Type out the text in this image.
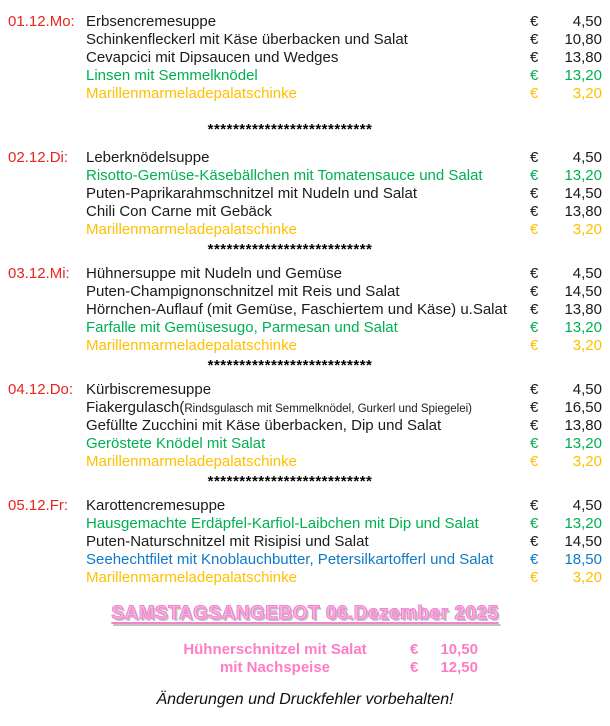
01.12.Mo: Erbsencremesuppe	€	4,50
Schinkenfleckerl mit Käse überbacken und Salat	€	10,80
Cevapcici mit Dipsaucen und Wedges	€	13,80
Linsen mit Semmelknödel	€	13,20
Marillenmarmeladepalatschinke	€	3,20
**************************
02.12.Di:	Leberknödelsuppe	€	4,50
Risotto-Gemüse-Käsebällchen mit Tomatensauce und Salat	€	13,20
Puten-Paprikarahmschnitzel mit Nudeln und Salat	€	14,50
Chili Con Carne mit Gebäck	€	13,80
Marillenmarmeladepalatschinke	€	3,20
**************************
03.12.Mi:	Hühnersuppe mit Nudeln und Gemüse	€	4,50
Puten-Champignonschnitzel mit Reis und Salat	€	14,50
Hörnchen-Auflauf (mit Gemüse, Faschiertem und Käse) u.Salat	€	13,80
Farfalle mit Gemüsesugo, Parmesan und Salat	€	13,20
Marillenmarmeladepalatschinke	€	3,20
**************************
04.12.Do: Kürbiscremesuppe	€	4,50
Fiakergulasch(Rindsgulasch mit Semmelknödel, Gurkerl und Spiegelei)	€	16,50
Gefüllte Zucchini mit Käse überbacken, Dip und Salat	€	13,80
Geröstete Knödel mit Salat	€	13,20
Marillenmarmeladepalatschinke	€	3,20
**************************
05.12.Fr:	Karottencremesuppe	€	4,50
Hausgemachte Erdäpfel-Karfiol-Laibchen mit Dip und Salat	€	13,20
Puten-Naturschnitzel mit Risipisi und Salat	€	14,50
Seehechtfilet mit Knoblauchbutter, Petersilkartofferl und Salat	€	18,50
Marillenmarmeladepalatschinke	€	3,20
SAMSTAGSANGEBOT 06.Dezember 2025
Hühnerschnitzel mit Salat	€	10,50
mit Nachspeise	€	12,50
Änderungen und Druckfehler vorbehalten!
